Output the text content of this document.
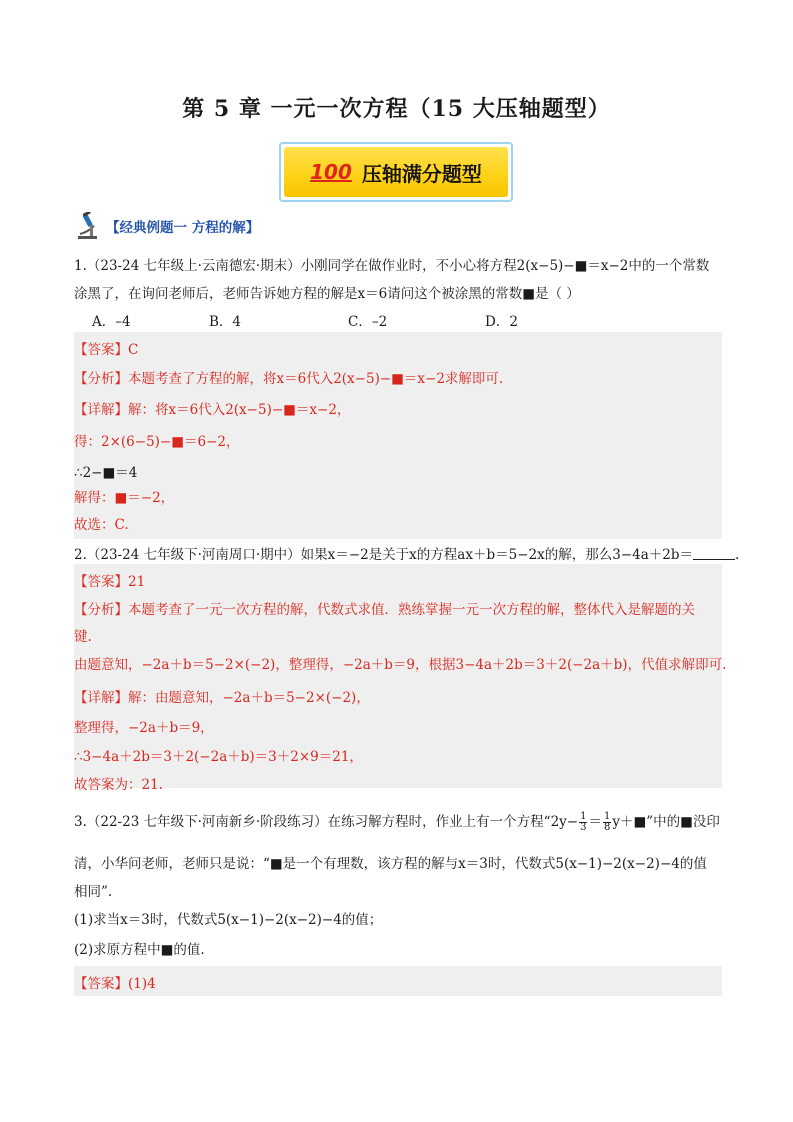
第 5 章 一元一次方程（15 大压轴题型）
100 压轴满分题型
【经典例题一 方程的解】
1.（23-24 七年级上·云南德宏·期末）小刚同学在做作业时，不小心将方程2(x−5)−■＝x−2中的一个常数
涂黑了，在询问老师后，老师告诉她方程的解是x＝6请问这个被涂黑的常数■是（ ）
A．–4	B．4	C．–2	D．2
【答案】C
【分析】本题考查了方程的解，将x＝6代入2(x−5)−■＝x−2求解即可.
【详解】解：将x＝6代入2(x−5)−■＝x−2，
得：2×(6−5)−■＝6−2，
∴2−■＝4
解得：■＝−2，
故选：C.
2.（23-24 七年级下·河南周口·期中）如果x＝−2是关于x的方程ax＋b＝5−2x的解，那么3−4a＋2b＝	.
【答案】21
【分析】本题考查了一元一次方程的解，代数式求值．熟练掌握一元一次方程的解，整体代入是解题的关
键.
由题意知，−2a＋b＝5−2×(−2)，整理得，−2a＋b＝9，根据3−4a＋2b＝3＋2(−2a＋b)，代值求解即可.
【详解】解：由题意知，−2a＋b＝5−2×(−2)，
整理得，−2a＋b＝9，
∴3−4a＋2b＝3＋2(−2a＋b)＝3＋2×9＝21，
故答案为：21.
3.（22-23 七年级下·河南新乡·阶段练习）在练习解方程时，作业上有一个方程“$2y- \frac{1}{3} = \frac{1}{8}$ y＋■”中的■没印
清，小华问老师，老师只是说：“■是一个有理数，该方程的解与x＝3时，代数式5(x−1)−2(x−2)−4的值
相同”.
(1)求当x＝3时，代数式5(x−1)−2(x−2)−4的值；
(2)求原方程中■的值.
【答案】(1)4
